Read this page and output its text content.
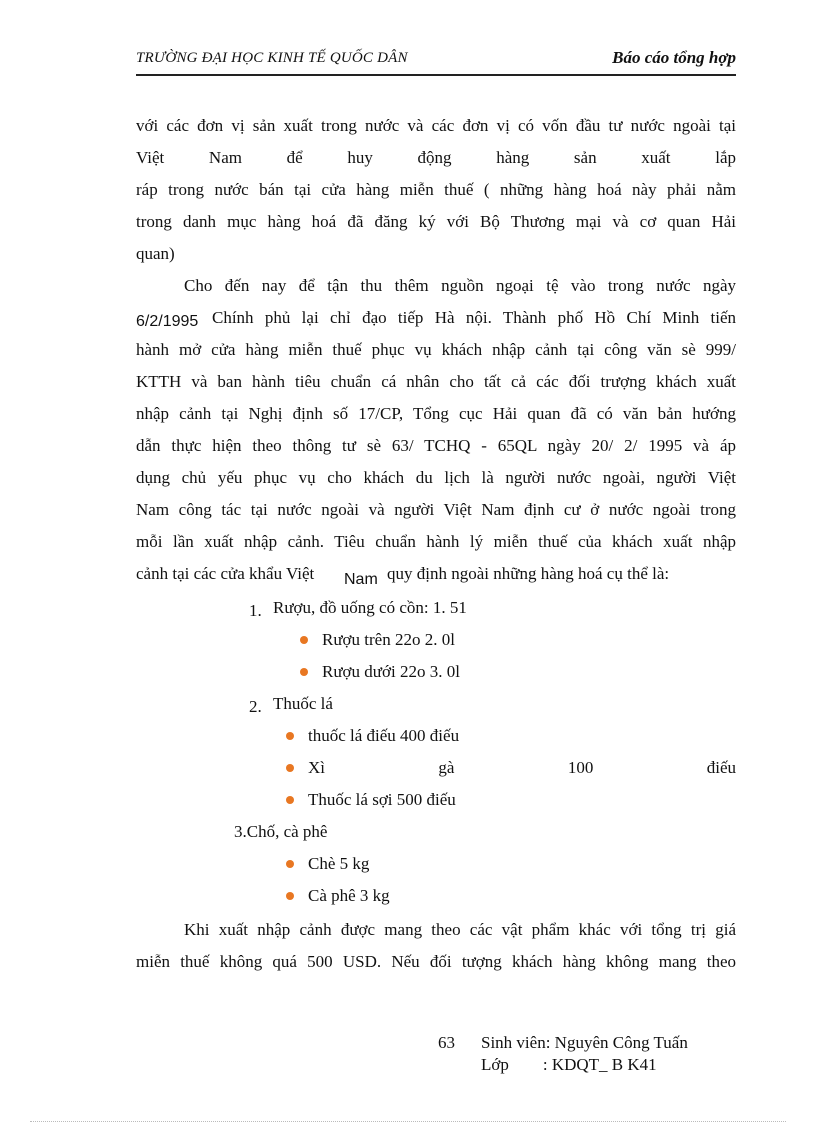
TRƯỜNG ĐẠI HỌC KINH TẾ QUỐC DÂN	Báo cáo tổng hợp
với các đơn vị sản xuất trong nước và các đơn vị có vốn đầu tư nước ngoài tại
Việt	Nam	để	huy	động	hàng	sản	xuất	lắp
ráp trong nước bán tại cửa hàng miễn thuế ( những hàng hoá này phải nằm
trong danh mục hàng hoá đã đăng ký với Bộ Thương mại và cơ quan Hải
quan)
Cho đến nay để tận thu thêm nguồn ngoại tệ vào trong nước ngày
6/2/1995 Chính phủ lại chỉ đạo tiếp Hà nội. Thành phố Hồ Chí Minh tiến
hành mở cửa hàng miễn thuế phục vụ khách nhập cảnh tại công văn sè 999/
KTTH và ban hành tiêu chuẩn cá nhân cho tất cả các đối trượng khách xuất
nhập cảnh tại Nghị định số 17/CP, Tổng cục Hải quan đã có văn bản hướng
dẫn thực hiện theo thông tư sè 63/ TCHQ - 65QL ngày 20/ 2/ 1995 và áp
dụng chủ yếu phục vụ cho khách du lịch là người nước ngoài, người Việt
Nam công tác tại nước ngoài và người Việt Nam định cư ở nước ngoài trong
mỗi lần xuất nhập cảnh. Tiêu chuẩn hành lý miễn thuế của khách xuất nhập
cảnh tại các cửa khẩu Việt Nam quy định ngoài những hàng hoá cụ thể là:
1. Rượu, đồ uống có cồn: 1. 51
Rượu trên 22o 2. 0l
Rượu dưới 22o 3. 0l
2. Thuốc lá
thuốc lá điếu 400 điếu
Xì	gà	100	điếu
Thuốc lá sợi 500 điếu
3.Chố, cà phê
Chè 5 kg
Cà phê 3 kg
Khi xuất nhập cảnh được mang theo các vật phẩm khác với tổng trị giá
miễn thuế không quá 500 USD. Nếu đối tượng khách hàng không mang theo
63 Sinh viên: Nguyên Công Tuấn
Lớp        : KDQT_ B K41
